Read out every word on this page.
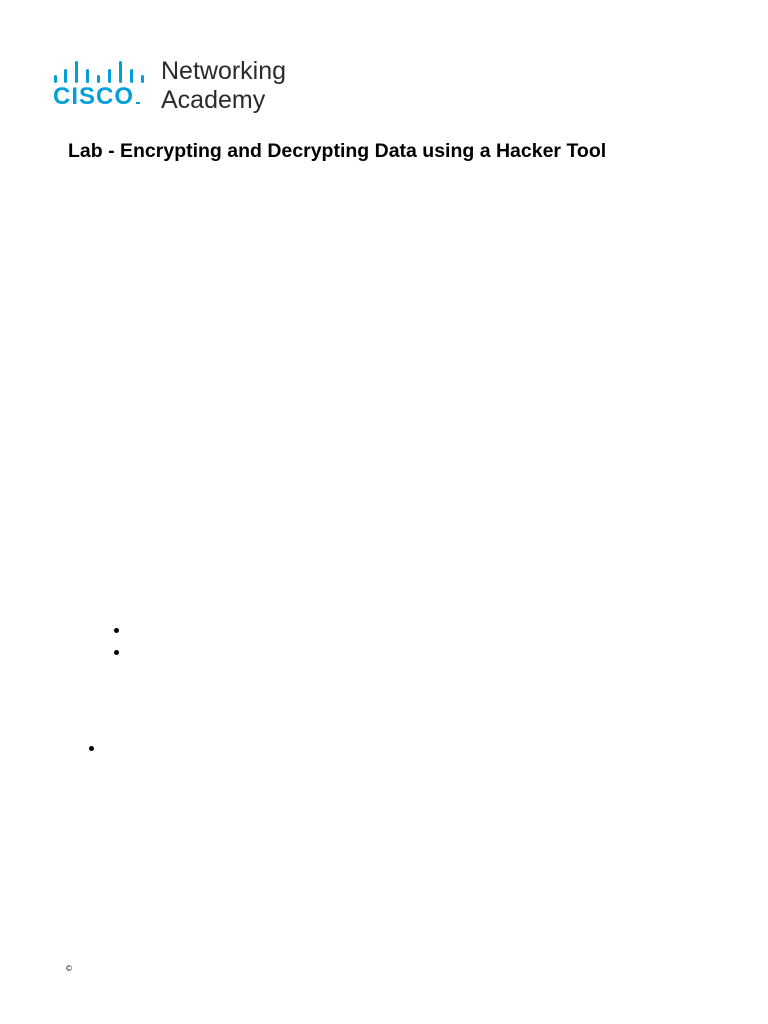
CISCO
Networking
Academy
Lab - Encrypting and Decrypting Data using a Hacker Tool
©
